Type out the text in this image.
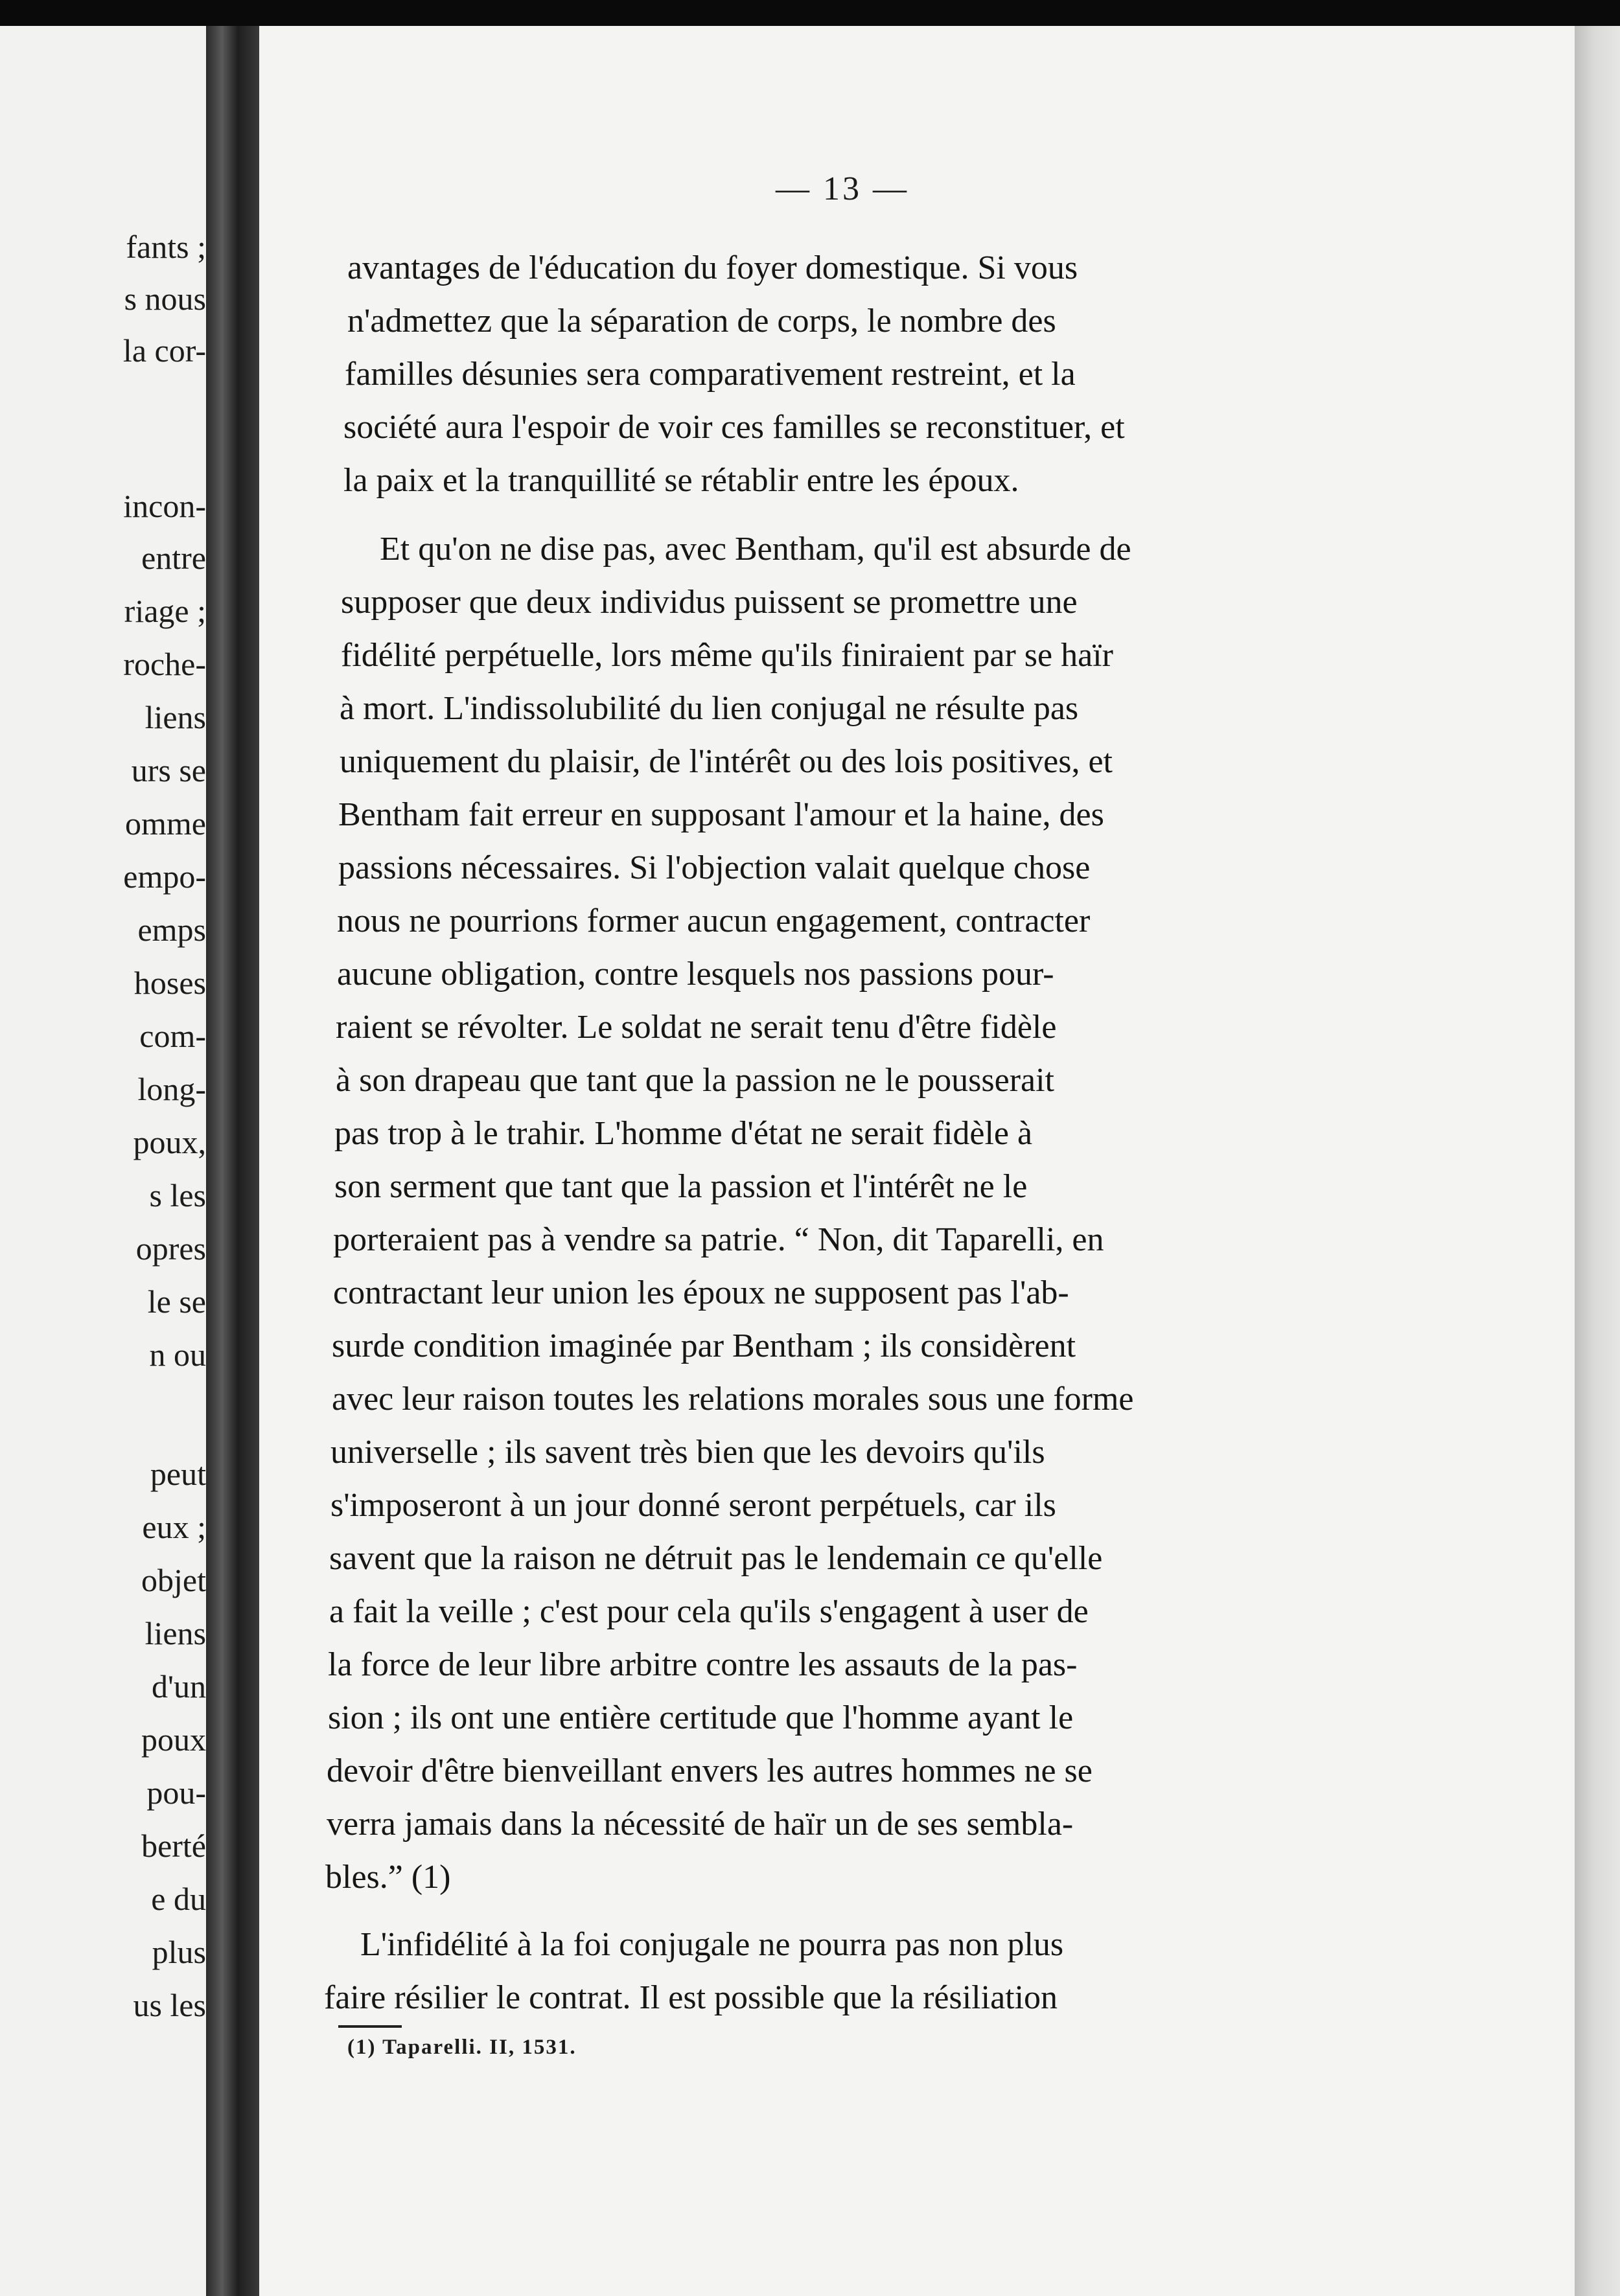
fants ;
s nous
la cor-
incon-
entre
riage ;
roche-
liens
urs se
omme
empo-
emps
hoses
com-
long-
poux,
s les
opres
le se
n ou
peut
eux ;
objet
liens
d'un
poux
pou-
berté
e du
plus
us les
— 13 —
avantages de l'éducation du foyer domestique. Si vous
n'admettez que la séparation de corps, le nombre des
familles désunies sera comparativement restreint, et la
société aura l'espoir de voir ces familles se reconstituer, et
la paix et la tranquillité se rétablir entre les époux.
Et qu'on ne dise pas, avec Bentham, qu'il est absurde de
supposer que deux individus puissent se promettre une
fidélité perpétuelle, lors même qu'ils finiraient par se haïr
à mort. L'indissolubilité du lien conjugal ne résulte pas
uniquement du plaisir, de l'intérêt ou des lois positives, et
Bentham fait erreur en supposant l'amour et la haine, des
passions nécessaires. Si l'objection valait quelque chose
nous ne pourrions former aucun engagement, contracter
aucune obligation, contre lesquels nos passions pour-
raient se révolter. Le soldat ne serait tenu d'être fidèle
à son drapeau que tant que la passion ne le pousserait
pas trop à le trahir. L'homme d'état ne serait fidèle à
son serment que tant que la passion et l'intérêt ne le
porteraient pas à vendre sa patrie. “ Non, dit Taparelli, en
contractant leur union les époux ne supposent pas l'ab-
surde condition imaginée par Bentham ; ils considèrent
avec leur raison toutes les relations morales sous une forme
universelle ; ils savent très bien que les devoirs qu'ils
s'imposeront à un jour donné seront perpétuels, car ils
savent que la raison ne détruit pas le lendemain ce qu'elle
a fait la veille ; c'est pour cela qu'ils s'engagent à user de
la force de leur libre arbitre contre les assauts de la pas-
sion ; ils ont une entière certitude que l'homme ayant le
devoir d'être bienveillant envers les autres hommes ne se
verra jamais dans la nécessité de haïr un de ses sembla-
bles.” (1)
L'infidélité à la foi conjugale ne pourra pas non plus
faire résilier le contrat. Il est possible que la résiliation
(1) Taparelli. II, 1531.
